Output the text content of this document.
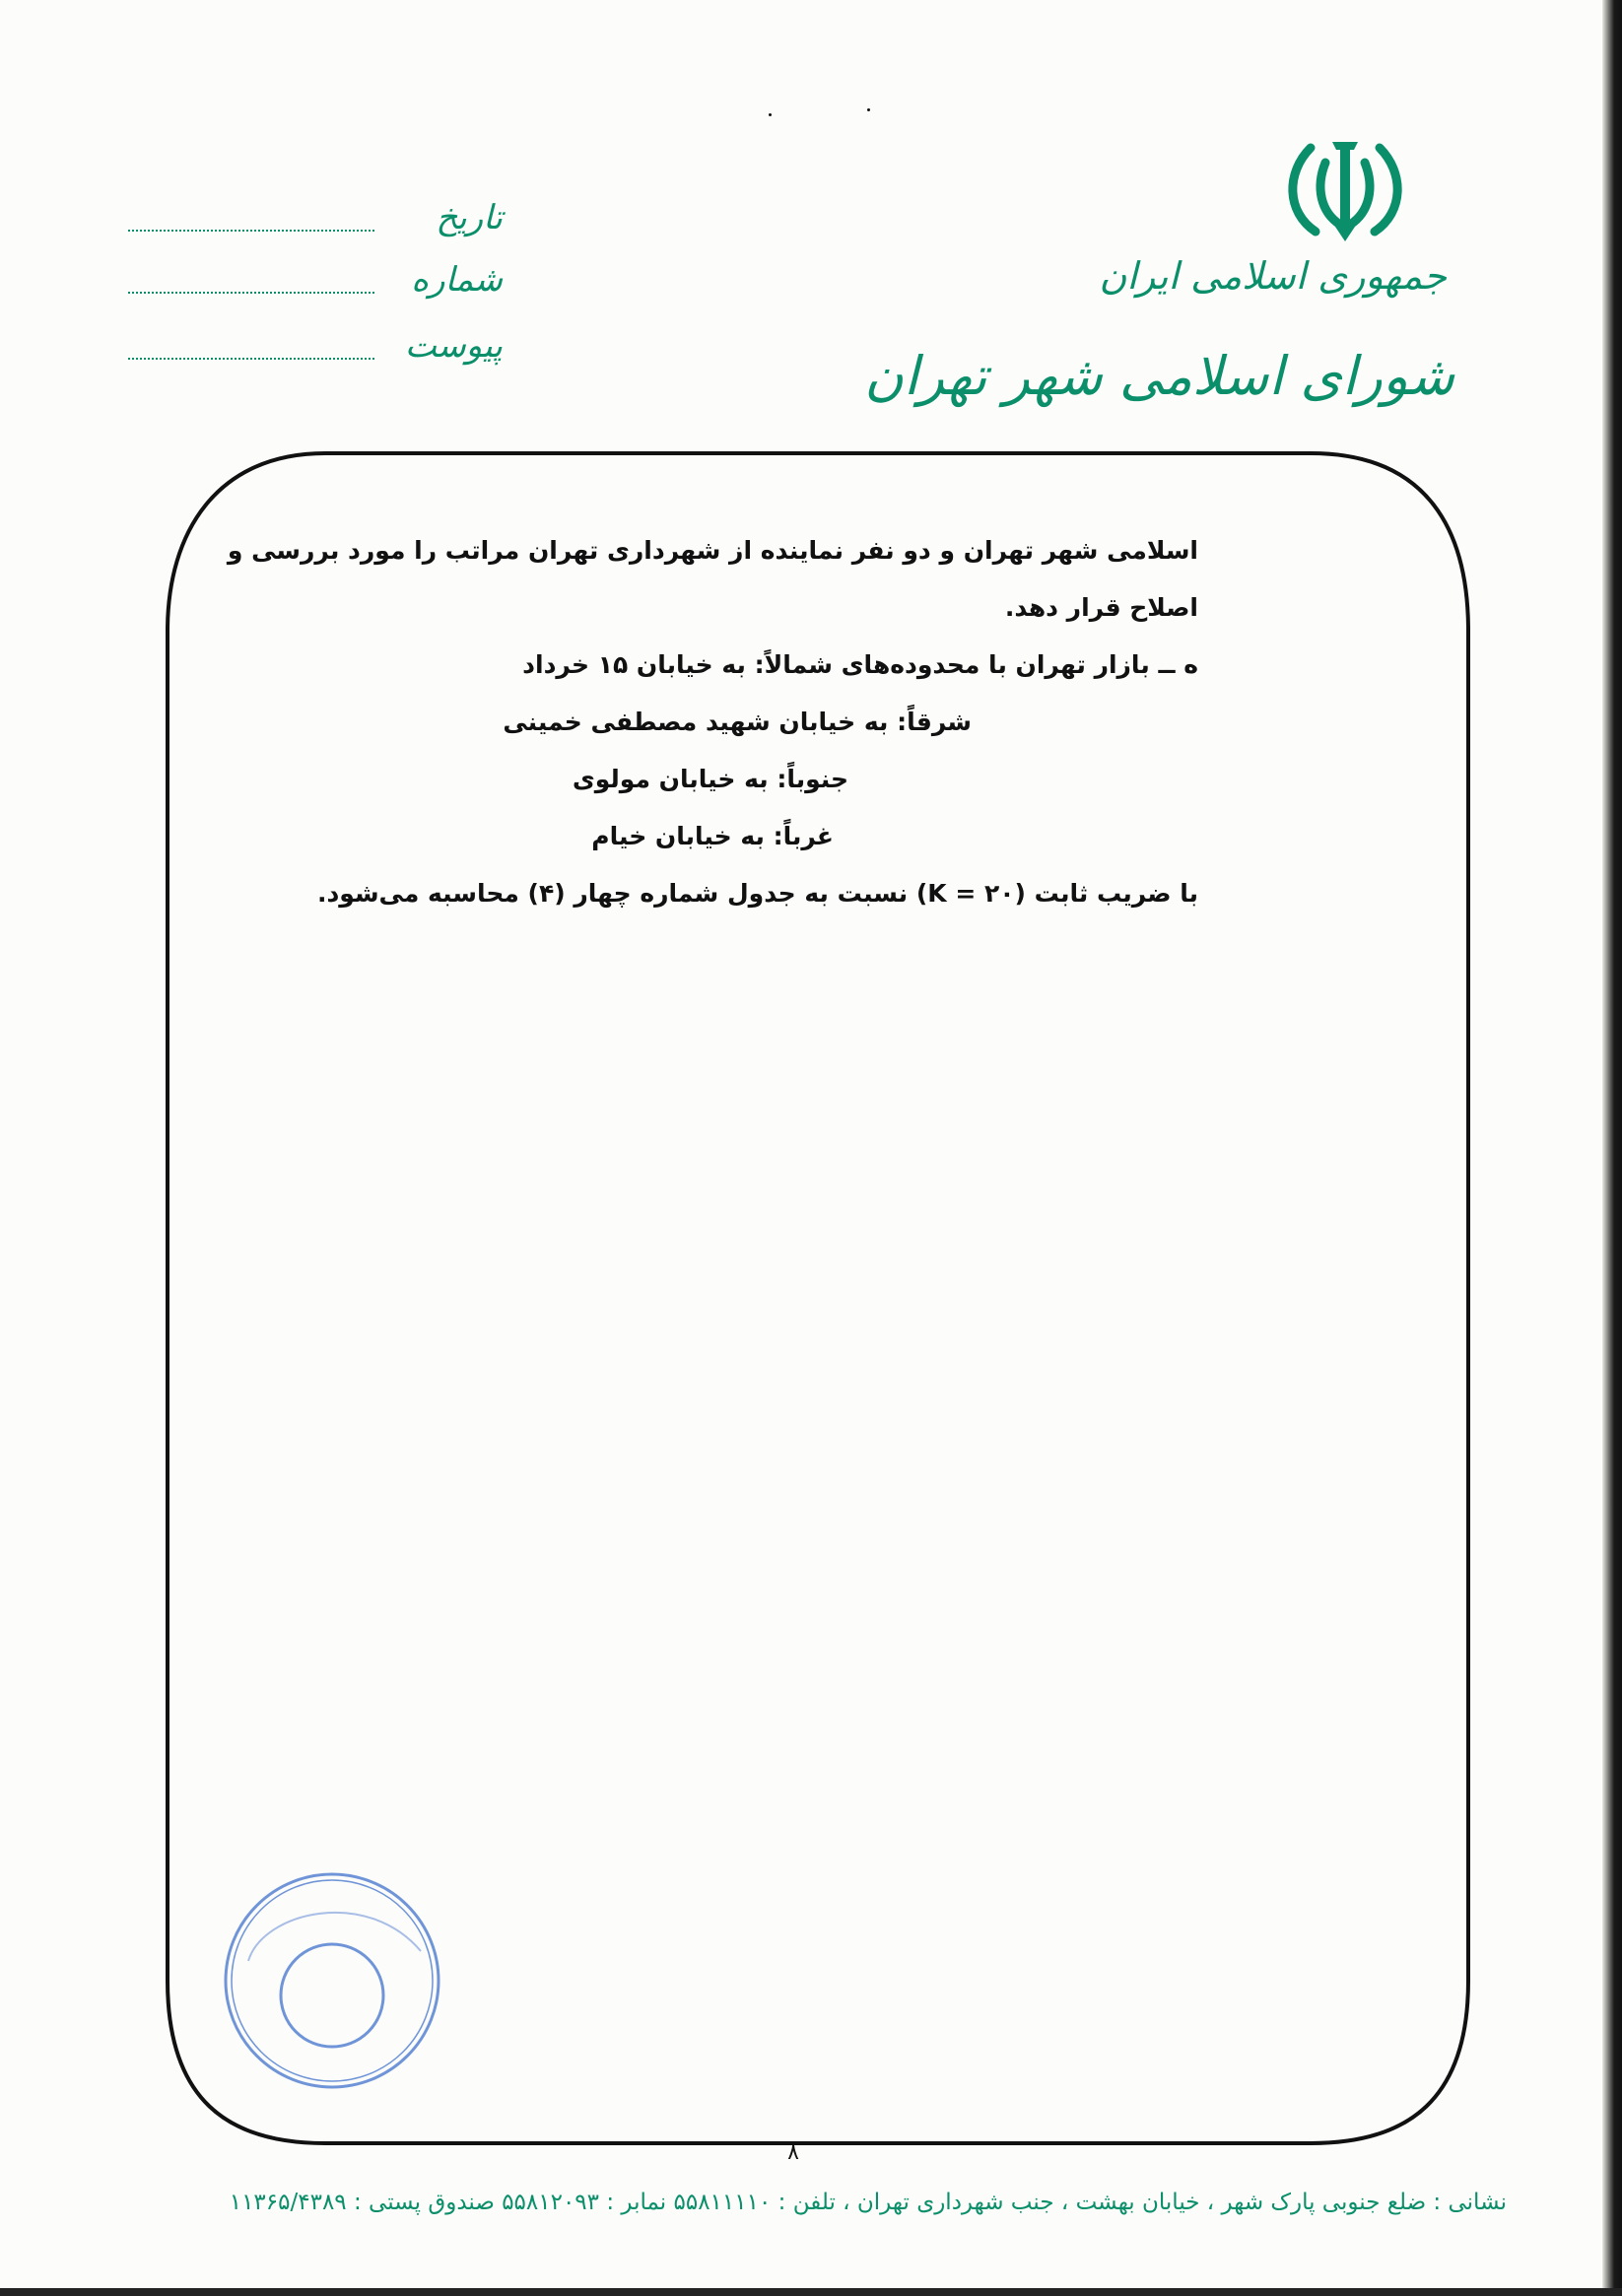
جمهوری اسلامی ایران
شورای اسلامی شهر تهران
تاریخ
شماره
پیوست

اسلامی شهر تهران و دو نفر نماینده از شهرداری تهران مراتب را مورد بررسی و

اصلاح قرار دهد.

ه ــ بازار تهران با محدوده‌های شمالاً: به خیابان ۱۵ خرداد

شرقاً: به خیابان شهید مصطفی خمینی

جنوباً: به خیابان مولوی

غرباً: به خیابان خیام

با ضریب ثابت (K = ۲۰) نسبت به جدول شماره چهار (۴) محاسبه می‌شود.

۸
نشانی : ضلع جنوبی پارک شهر ، خیابان بهشت ، جنب شهرداری تهران ، تلفن : ۵۵۸۱۱۱۱۰ نمابر : ۵۵۸۱۲۰۹۳ صندوق پستی : ۱۱۳۶۵/۴۳۸۹
